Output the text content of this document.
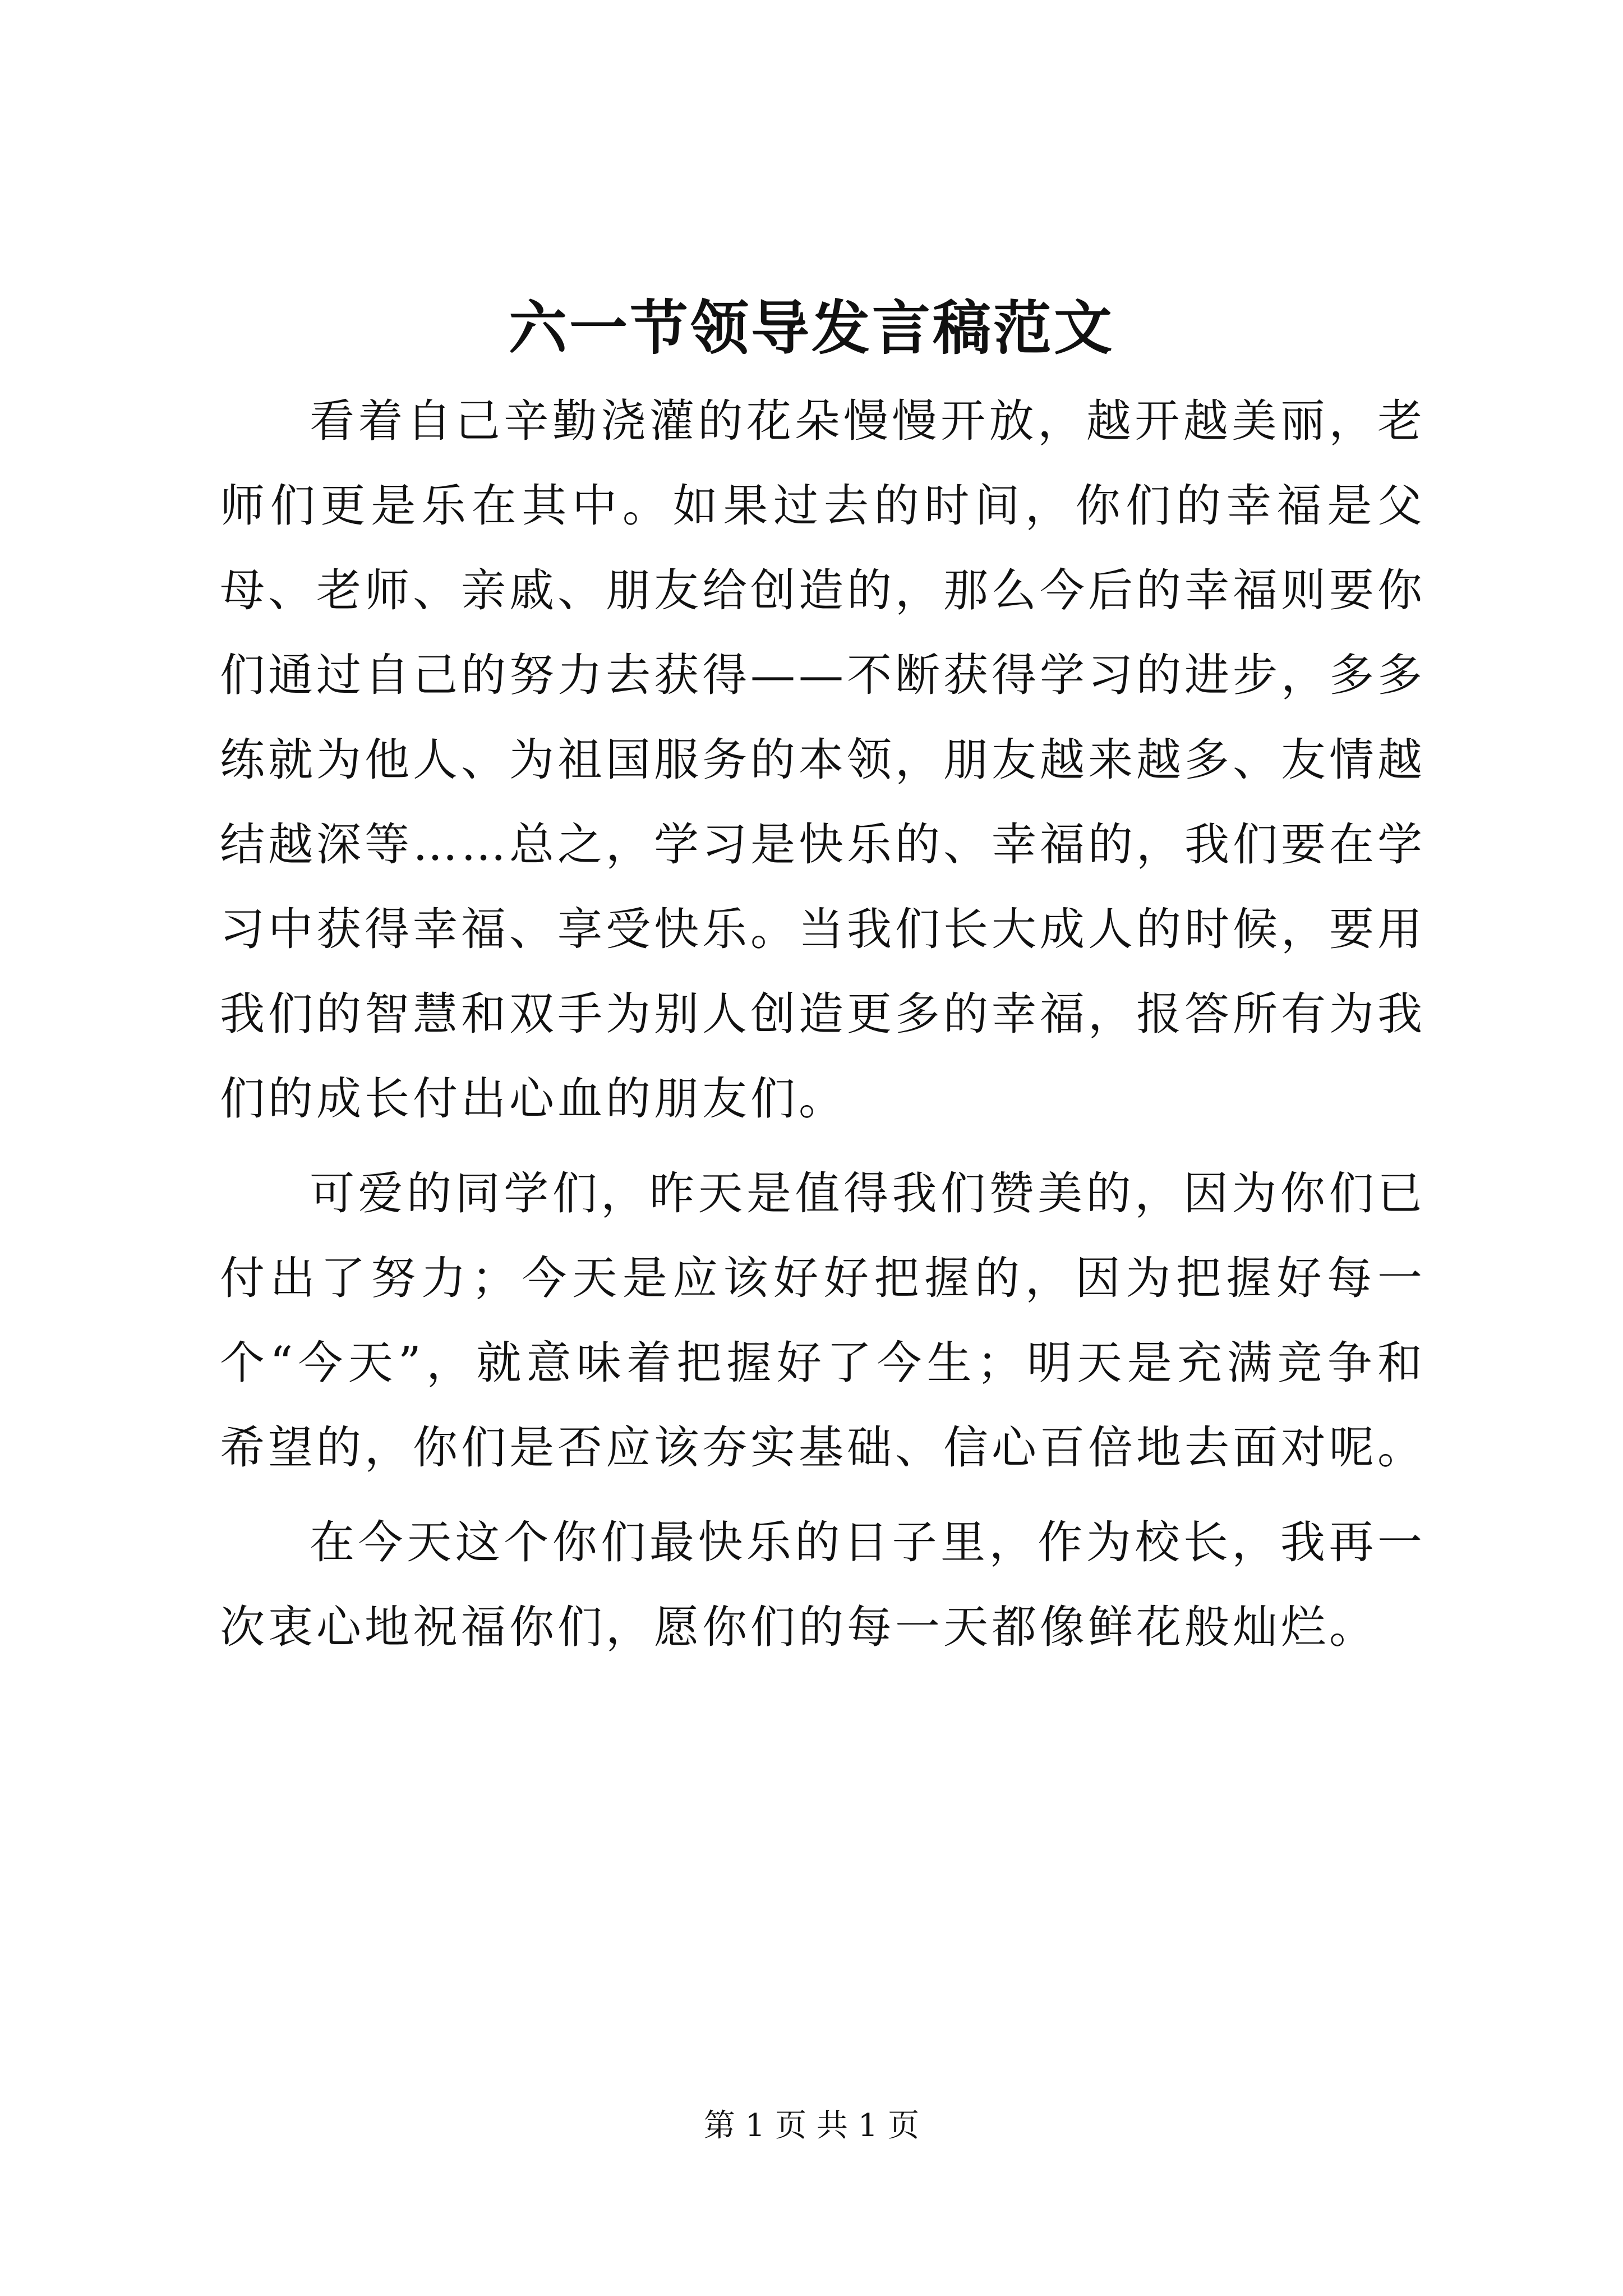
六一节领导发言稿范文

看着自己辛勤浇灌的花朵慢慢开放，越开越美丽，老师们更是乐在其中。如果过去的时间，你们的幸福是父母、老师、亲戚、朋友给创造的，那么今后的幸福则要你们通过自己的努力去获得——不断获得学习的进步，多多练就为他人、为祖国服务的本领，朋友越来越多、友情越结越深等……总之，学习是快乐的、幸福的，我们要在学习中获得幸福、享受快乐。当我们长大成人的时候，要用我们的智慧和双手为别人创造更多的幸福，报答所有为我们的成长付出心血的朋友们。

可爱的同学们，昨天是值得我们赞美的，因为你们已付出了努力；今天是应该好好把握的，因为把握好每一个“今天”，就意味着把握好了今生；明天是充满竞争和希望的，你们是否应该夯实基础、信心百倍地去面对呢。

在今天这个你们最快乐的日子里，作为校长，我再一次衷心地祝福你们，愿你们的每一天都像鲜花般灿烂。

第 1 页 共 1 页
